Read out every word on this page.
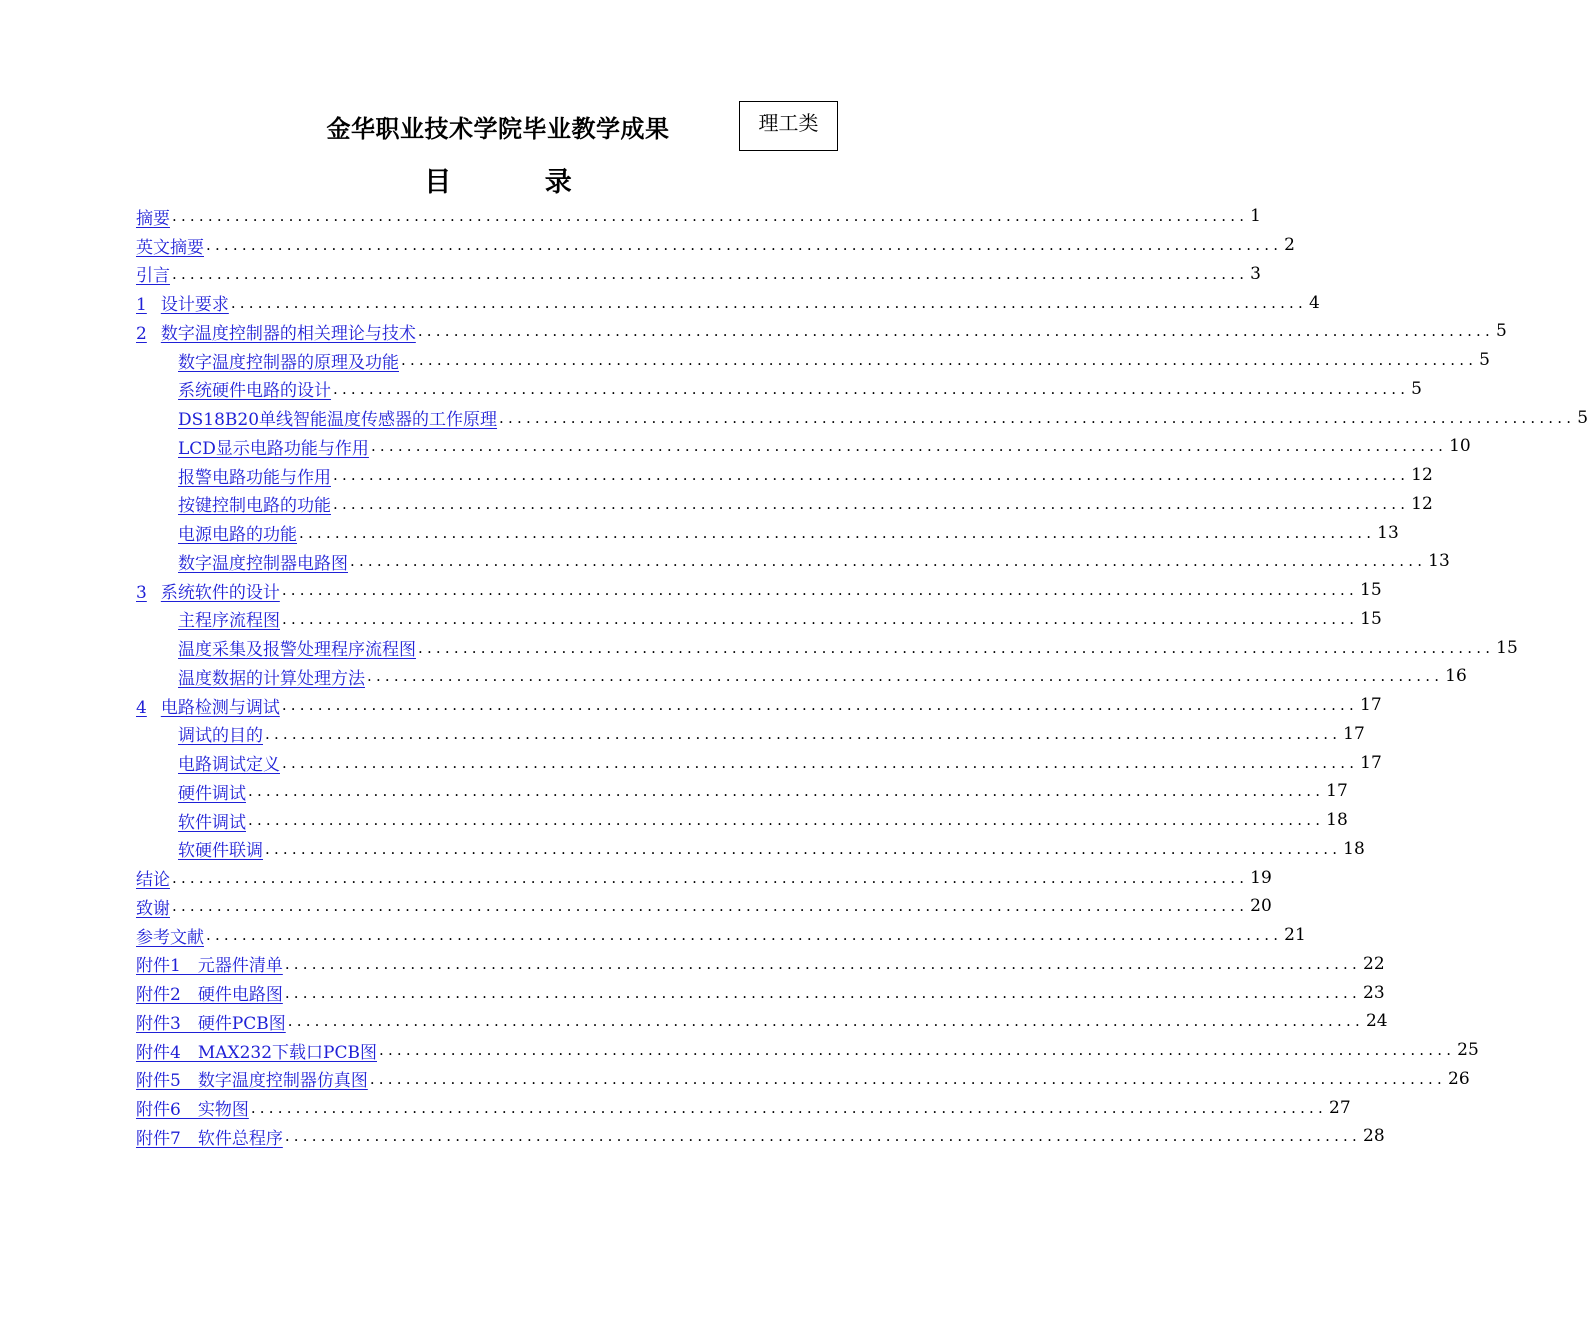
金华职业技术学院毕业教学成果	理工类
目 录
摘要 ........................................................................................................................ 1
英文摘要 ........................................................................................................................ 2
引言 ........................................................................................................................ 3
1 设计要求 ........................................................................................................................ 4
2 数字温度控制器的相关理论与技术 ........................................................................................................................ 5
数字温度控制器的原理及功能 ........................................................................................................................ 5
系统硬件电路的设计 ........................................................................................................................ 5
DS18B20单线智能温度传感器的工作原理 ........................................................................................................................ 5
LCD显示电路功能与作用 ........................................................................................................................ 10
报警电路功能与作用 ........................................................................................................................ 12
按键控制电路的功能 ........................................................................................................................ 12
电源电路的功能 ........................................................................................................................ 13
数字温度控制器电路图 ........................................................................................................................ 13
3 系统软件的设计 ........................................................................................................................ 15
主程序流程图 ........................................................................................................................ 15
温度采集及报警处理程序流程图 ........................................................................................................................ 15
温度数据的计算处理方法 ........................................................................................................................ 16
4 电路检测与调试 ........................................................................................................................ 17
调试的目的 ........................................................................................................................ 17
电路调试定义 ........................................................................................................................ 17
硬件调试 ........................................................................................................................ 17
软件调试 ........................................................................................................................ 18
软硬件联调 ........................................................................................................................ 18
结论 ........................................................................................................................ 19
致谢 ........................................................................................................................ 20
参考文献 ........................................................................................................................ 21
附件1　元器件清单 ........................................................................................................................ 22
附件2　硬件电路图 ........................................................................................................................ 23
附件3　硬件PCB图 ........................................................................................................................ 24
附件4　MAX232下载口PCB图 ........................................................................................................................ 25
附件5　数字温度控制器仿真图 ........................................................................................................................ 26
附件6　实物图 ........................................................................................................................ 27
附件7　软件总程序 ........................................................................................................................ 28
